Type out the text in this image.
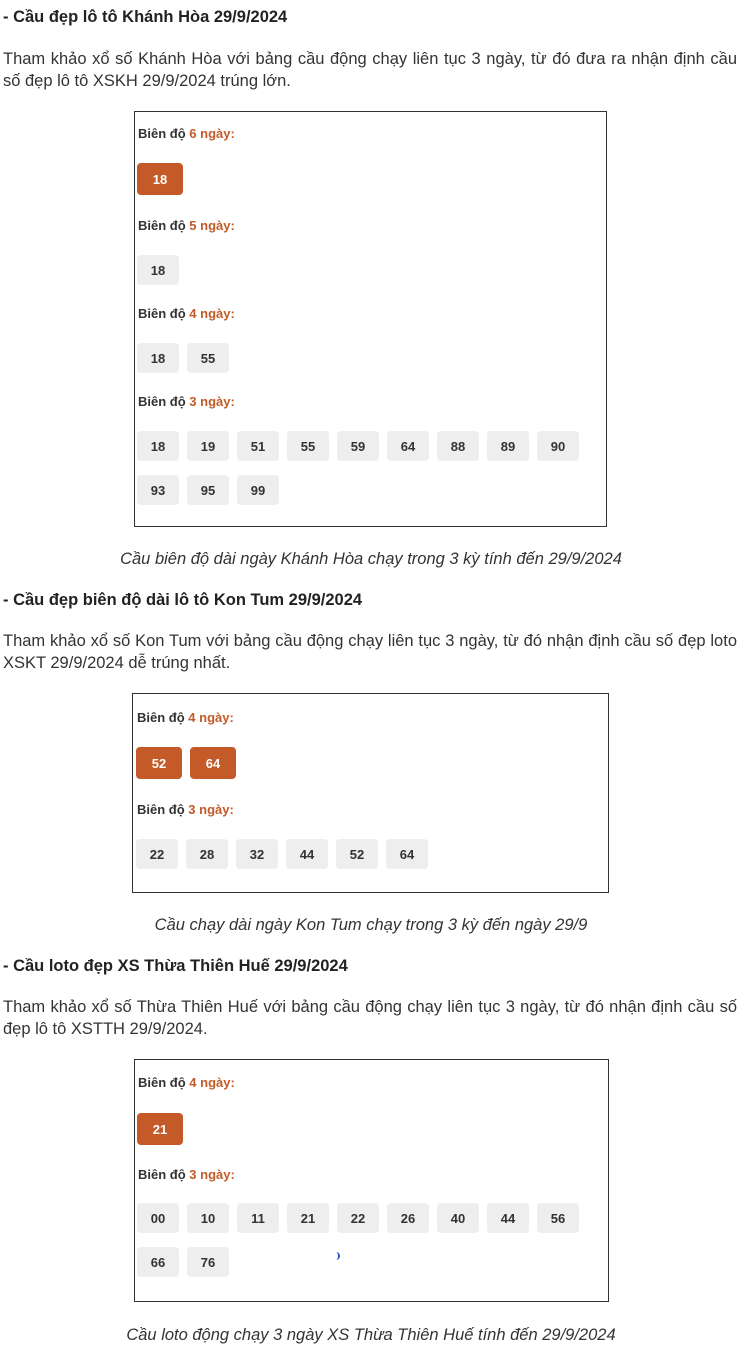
- Cầu đẹp lô tô Khánh Hòa 29/9/2024

Tham khảo xổ số Khánh Hòa với bảng cầu động chạy liên tục 3 ngày, từ đó đưa ra nhận định cầu số đẹp lô tô XSKH 29/9/2024 trúng lớn.

Biên độ 6 ngày:
18
Biên độ 5 ngày:
18
Biên độ 4 ngày:
18	55
Biên độ 3 ngày:
18	19	51	55	59	64	88	89	90
93	95	99

Cầu biên độ dài ngày Khánh Hòa chạy trong 3 kỳ tính đến 29/9/2024

- Cầu đẹp biên độ dài lô tô Kon Tum 29/9/2024

Tham khảo xổ số Kon Tum với bảng cầu động chạy liên tục 3 ngày, từ đó nhận định cầu số đẹp loto XSKT 29/9/2024 dễ trúng nhất.

Biên độ 4 ngày:
52	64
Biên độ 3 ngày:
22	28	32	44	52	64

Cầu chạy dài ngày Kon Tum chạy trong 3 kỳ đến ngày 29/9

- Cầu loto đẹp XS Thừa Thiên Huế 29/9/2024

Tham khảo xổ số Thừa Thiên Huế với bảng cầu động chạy liên tục 3 ngày, từ đó nhận định cầu số đẹp lô tô XSTTH 29/9/2024.

Biên độ 4 ngày:
21
Biên độ 3 ngày:
00	10	11	21	22	26	40	44	56
66	76

Cầu loto động chạy 3 ngày XS Thừa Thiên Huế tính đến 29/9/2024
